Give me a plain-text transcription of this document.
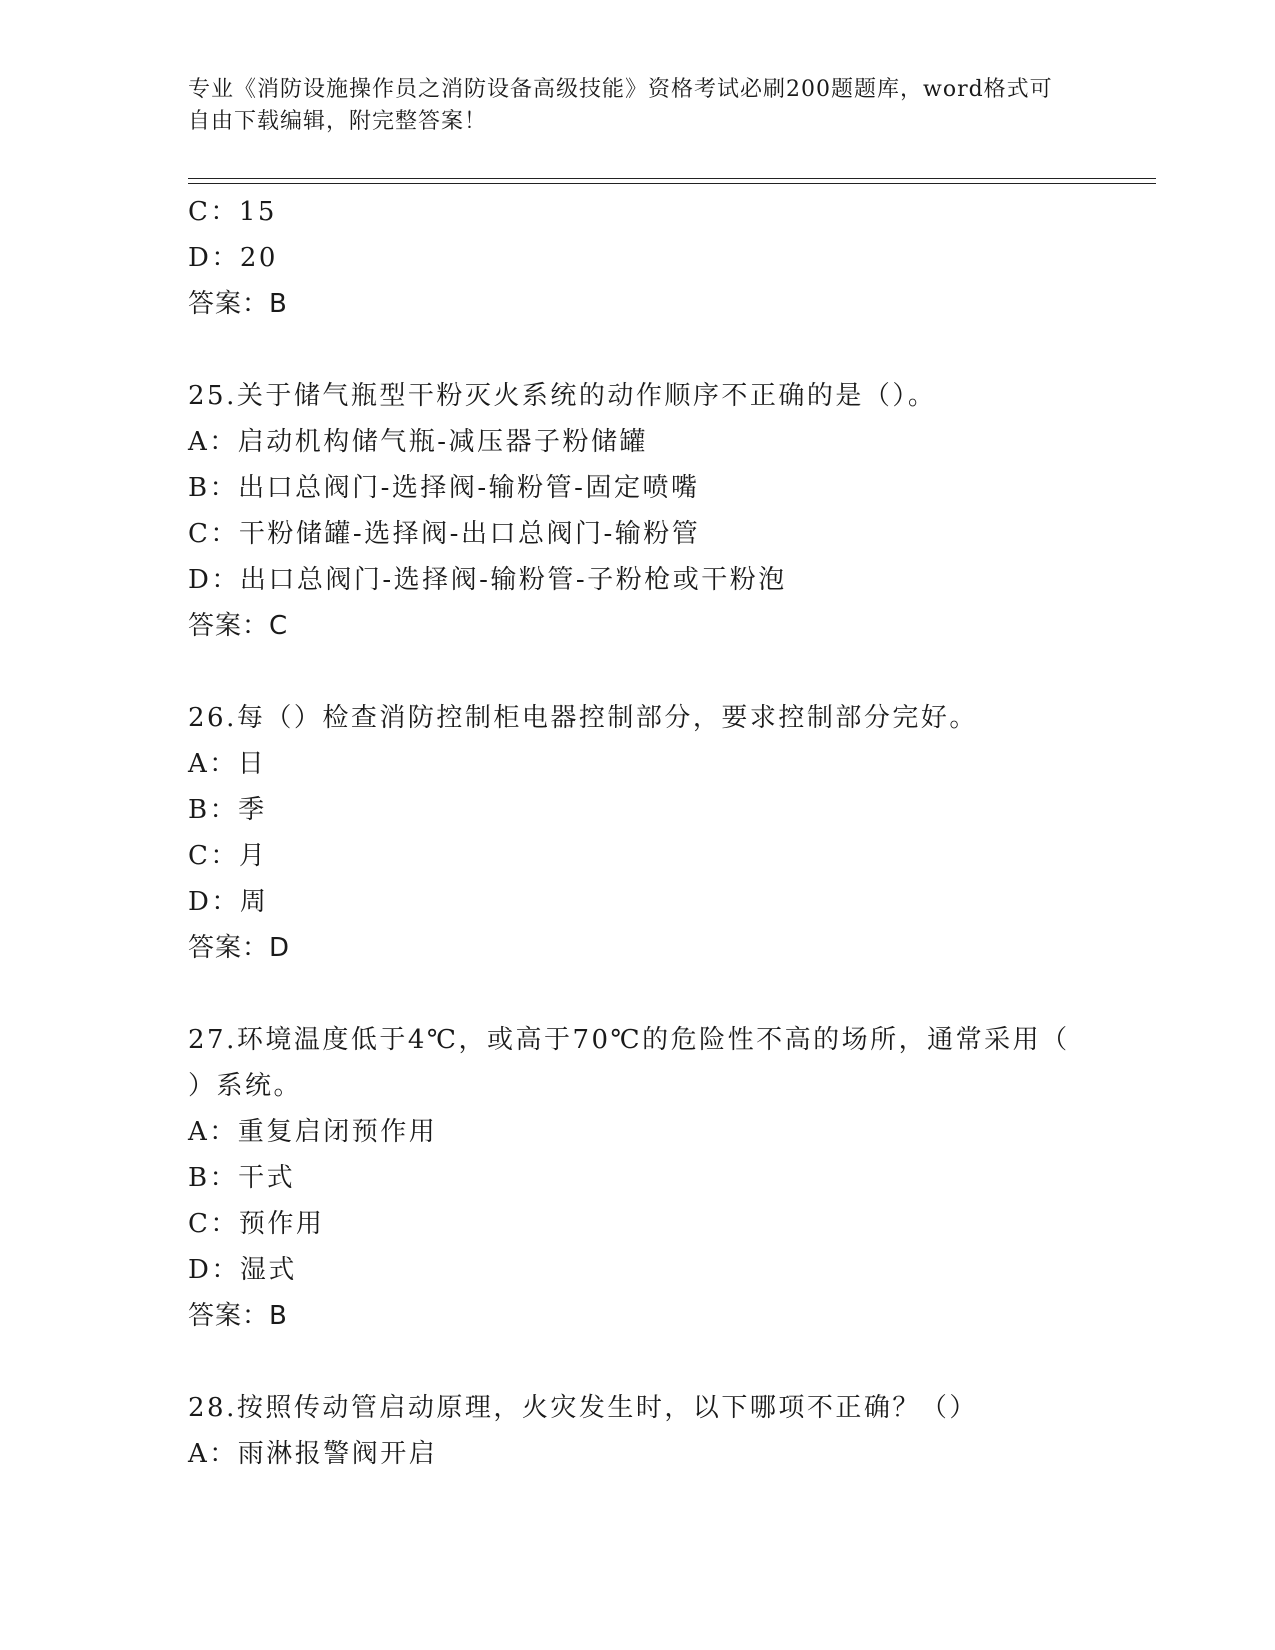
专业《消防设施操作员之消防设备高级技能》资格考试必刷200题题库，word格式可自由下载编辑，附完整答案！
C：15
D：20
答案：B
25.关于储气瓶型干粉灭火系统的动作顺序不正确的是（）。
A：启动机构储气瓶-减压器子粉储罐
B：出口总阀门-选择阀-输粉管-固定喷嘴
C：干粉储罐-选择阀-出口总阀门-输粉管
D：出口总阀门-选择阀-输粉管-子粉枪或干粉泡
答案：C
26.每（）检查消防控制柜电器控制部分，要求控制部分完好。
A：日
B：季
C：月
D：周
答案：D
27.环境温度低于4℃，或高于70℃的危险性不高的场所，通常采用（
）系统。
A：重复启闭预作用
B：干式
C：预作用
D：湿式
答案：B
28.按照传动管启动原理，火灾发生时，以下哪项不正确？（）
A：雨淋报警阀开启
